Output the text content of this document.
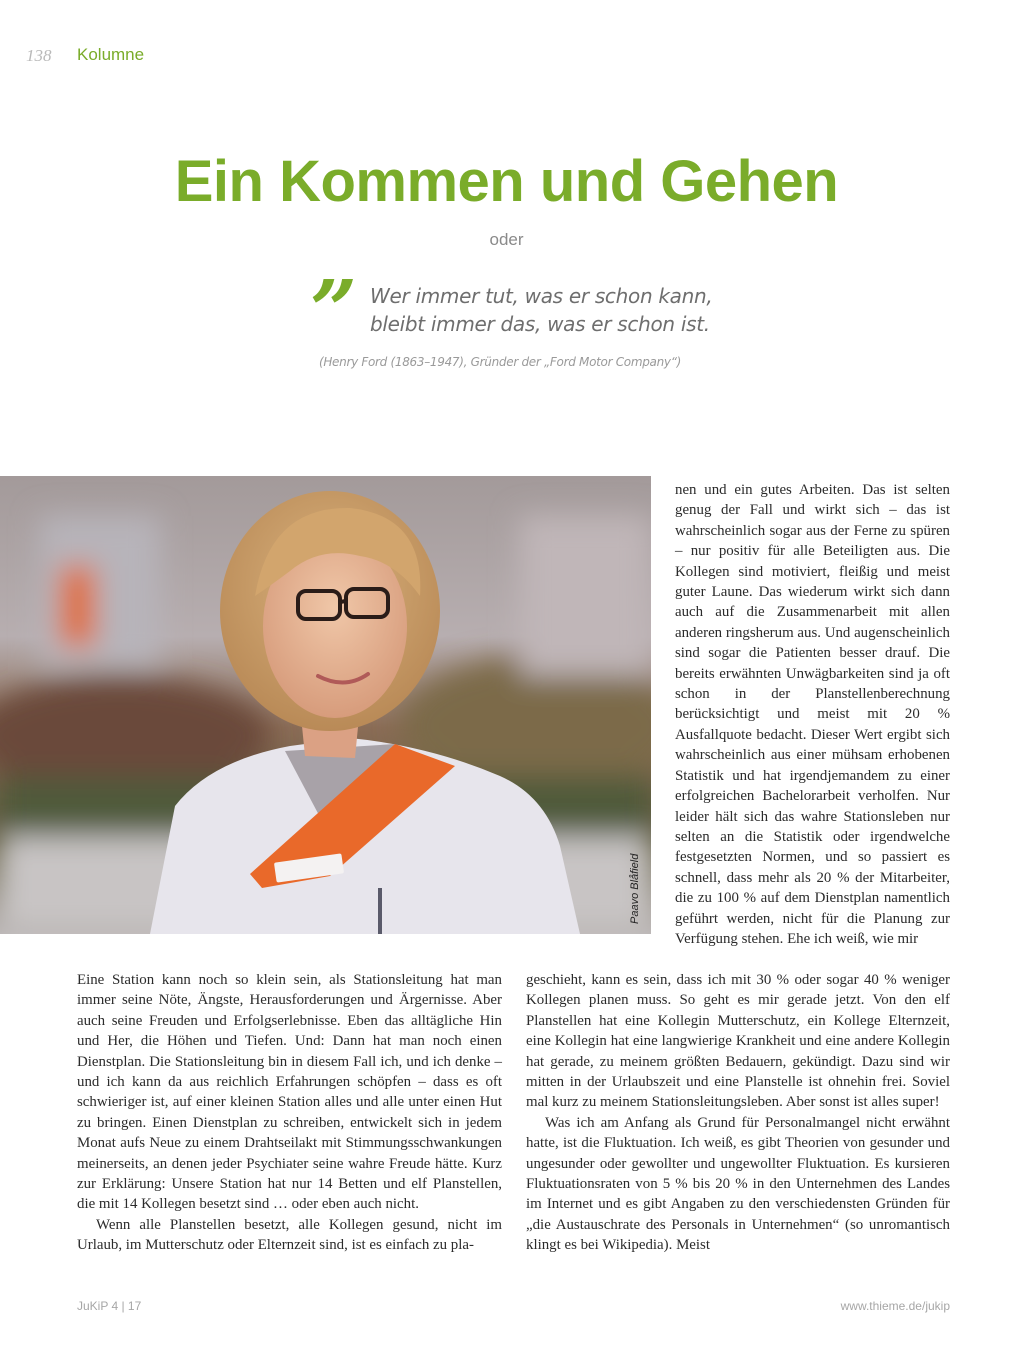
138 Kolumne
Ein Kommen und Gehen
oder
” Wer immer tut, was er schon kann,
bleibt immer das, was er schon ist.
(Henry Ford (1863–1947), Gründer der „Ford Motor Company“)
Paavo Blåfield

nen und ein gutes Arbeiten. Das ist selten genug der Fall und wirkt sich – das ist wahrscheinlich sogar aus der Ferne zu spüren – nur positiv für alle Beteiligten aus. Die Kollegen sind motiviert, fleißig und meist guter Laune. Das wiederum wirkt sich dann auch auf die Zusammenarbeit mit allen anderen ringsherum aus. Und augenscheinlich sind sogar die Patienten besser drauf. Die bereits erwähnten Unwägbarkeiten sind ja oft schon in der Planstellenberechnung berücksichtigt und meist mit 20 % Ausfallquote bedacht. Dieser Wert ergibt sich wahrscheinlich aus einer mühsam erhobenen Statistik und hat irgendjemandem zu einer erfolgreichen Bachelorarbeit verholfen. Nur leider hält sich das wahre Stationsleben nur selten an die Statistik oder irgendwelche festgesetzten Normen, und so passiert es schnell, dass mehr als 20 % der Mitarbeiter, die zu 100 % auf dem Dienstplan namentlich geführt werden, nicht für die Planung zur Verfügung stehen. Ehe ich weiß, wie mir

Eine Station kann noch so klein sein, als Stationsleitung hat man immer seine Nöte, Ängste, Herausforderungen und Ärgernisse. Aber auch seine Freuden und Erfolgserlebnisse. Eben das alltägliche Hin und Her, die Höhen und Tiefen. Und: Dann hat man noch einen Dienstplan. Die Stationsleitung bin in diesem Fall ich, und ich denke – und ich kann da aus reichlich Erfahrungen schöpfen – dass es oft schwieriger ist, auf einer kleinen Station alles und alle unter einen Hut zu bringen. Einen Dienstplan zu schreiben, entwickelt sich in jedem Monat aufs Neue zu einem Drahtseilakt mit Stimmungsschwankungen meinerseits, an denen jeder Psychiater seine wahre Freude hätte. Kurz zur Erklärung: Unsere Station hat nur 14 Betten und elf Planstellen, die mit 14 Kollegen besetzt sind … oder eben auch nicht.

Wenn alle Planstellen besetzt, alle Kollegen gesund, nicht im Urlaub, im Mutterschutz oder Elternzeit sind, ist es einfach zu pla-

geschieht, kann es sein, dass ich mit 30 % oder sogar 40 % weniger Kollegen planen muss. So geht es mir gerade jetzt. Von den elf Planstellen hat eine Kollegin Mutterschutz, ein Kollege Elternzeit, eine Kollegin hat eine langwierige Krankheit und eine andere Kollegin hat gerade, zu meinem größten Bedauern, gekündigt. Dazu sind wir mitten in der Urlaubszeit und eine Planstelle ist ohnehin frei. Soviel mal kurz zu meinem Stationsleitungsleben. Aber sonst ist alles super!

Was ich am Anfang als Grund für Personalmangel nicht erwähnt hatte, ist die Fluktuation. Ich weiß, es gibt Theorien von gesunder und ungesunder oder gewollter und ungewollter Fluktuation. Es kursieren Fluktuationsraten von 5 % bis 20 % in den Unternehmen des Landes im Internet und es gibt Angaben zu den verschiedensten Gründen für „die Austauschrate des Personals in Unternehmen“ (so unromantisch klingt es bei Wikipedia). Meist

JuKiP 4 | 17	www.thieme.de/jukip
